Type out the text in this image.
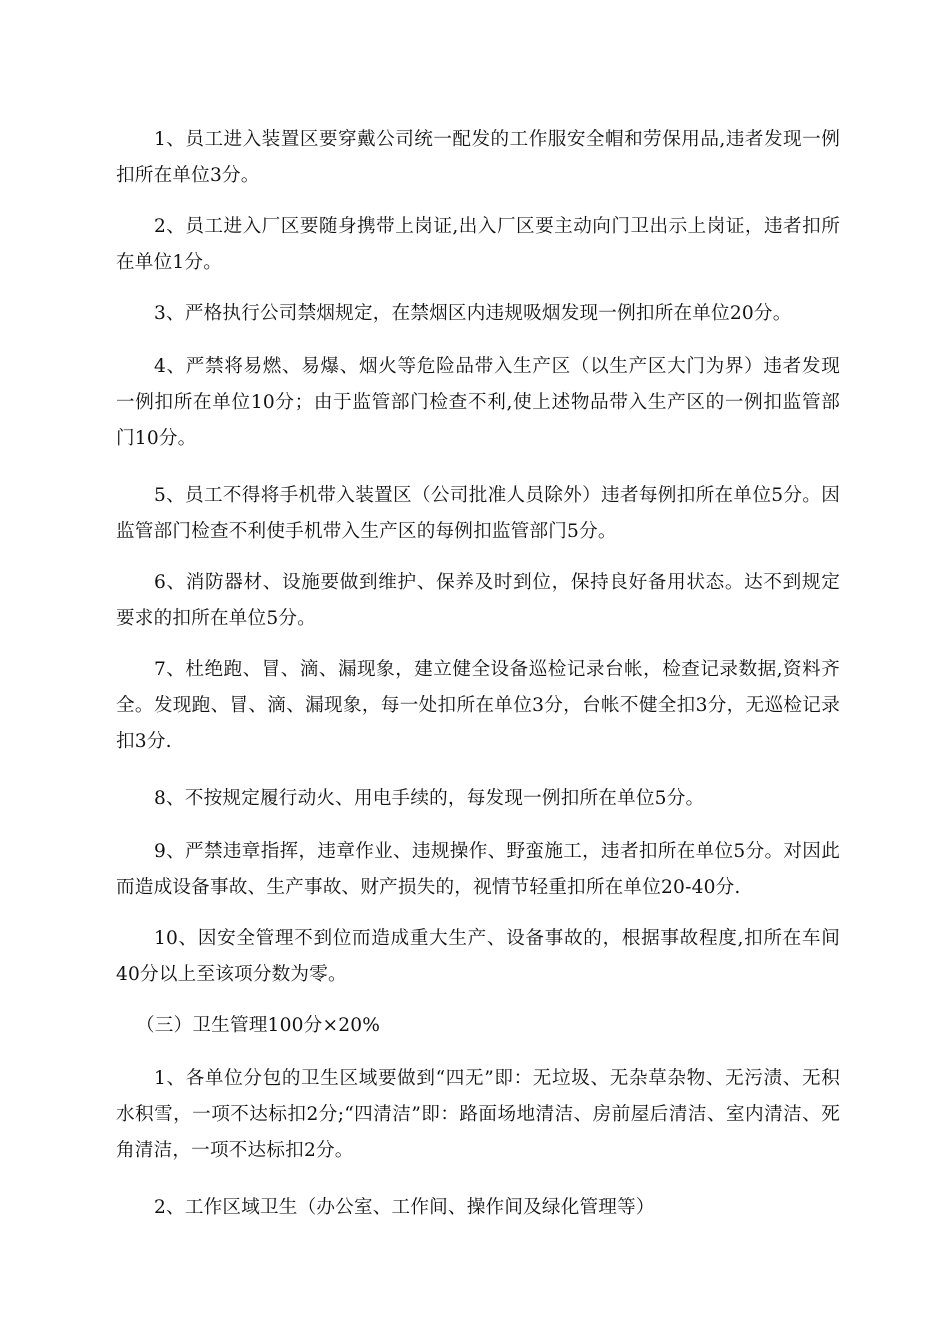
1、员工进入装置区要穿戴公司统一配发的工作服安全帽和劳保用品,违者发现一例扣所在单位3分。

2、员工进入厂区要随身携带上岗证,出入厂区要主动向门卫出示上岗证，违者扣所在单位1分。

3、严格执行公司禁烟规定，在禁烟区内违规吸烟发现一例扣所在单位20分。

4、严禁将易燃、易爆、烟火等危险品带入生产区（以生产区大门为界）违者发现一例扣所在单位10分；由于监管部门检查不利,使上述物品带入生产区的一例扣监管部门10分。

5、员工不得将手机带入装置区（公司批准人员除外）违者每例扣所在单位5分。因监管部门检查不利使手机带入生产区的每例扣监管部门5分。

6、消防器材、设施要做到维护、保养及时到位，保持良好备用状态。达不到规定要求的扣所在单位5分。

7、杜绝跑、冒、滴、漏现象，建立健全设备巡检记录台帐，检查记录数据,资料齐全。发现跑、冒、滴、漏现象，每一处扣所在单位3分，台帐不健全扣3分，无巡检记录扣3分.

8、不按规定履行动火、用电手续的，每发现一例扣所在单位5分。

9、严禁违章指挥，违章作业、违规操作、野蛮施工，违者扣所在单位5分。对因此而造成设备事故、生产事故、财产损失的，视情节轻重扣所在单位20-40分.

10、因安全管理不到位而造成重大生产、设备事故的，根据事故程度,扣所在车间40分以上至该项分数为零。

（三）卫生管理100分×20%

1、各单位分包的卫生区域要做到“四无”即：无垃圾、无杂草杂物、无污渍、无积水积雪，一项不达标扣2分;“四清洁”即：路面场地清洁、房前屋后清洁、室内清洁、死角清洁，一项不达标扣2分。

2、工作区域卫生（办公室、工作间、操作间及绿化管理等）
